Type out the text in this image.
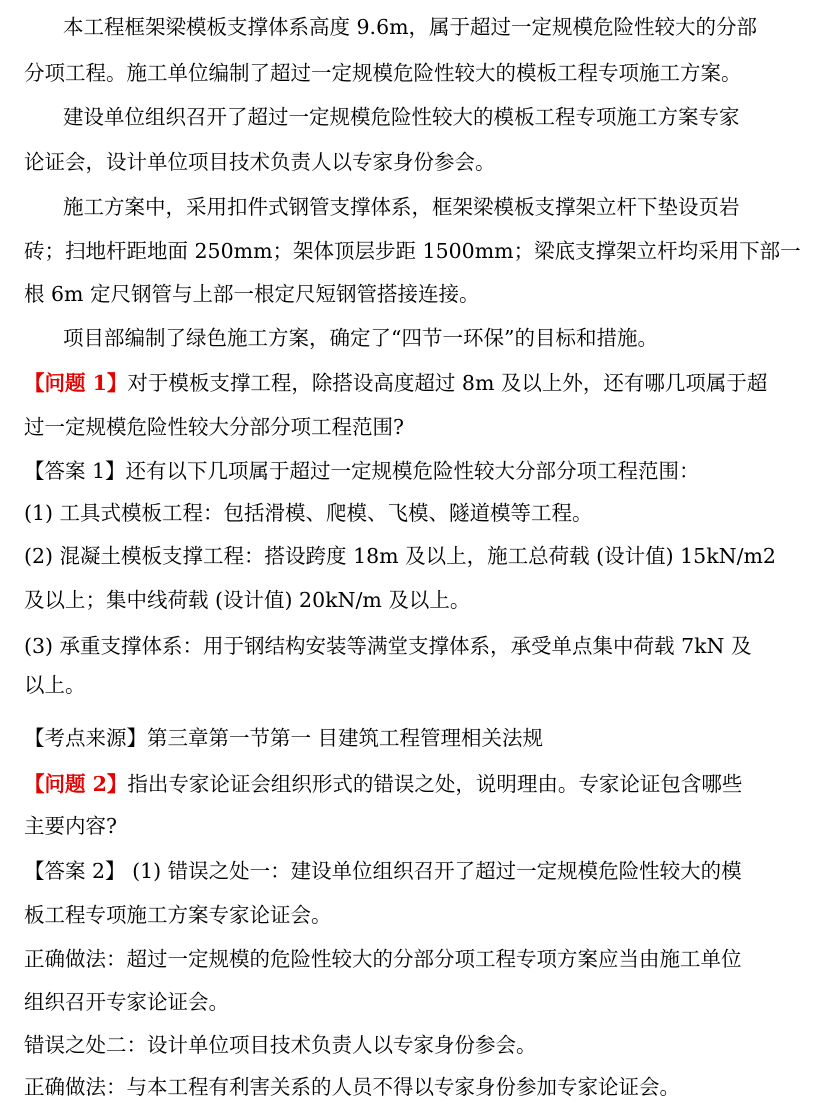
本工程框架梁模板支撑体系高度 9.6m，属于超过一定规模危险性较大的分部
分项工程。施工单位编制了超过一定规模危险性较大的模板工程专项施工方案。
建设单位组织召开了超过一定规模危险性较大的模板工程专项施工方案专家
论证会，设计单位项目技术负责人以专家身份参会。
施工方案中，采用扣件式钢管支撑体系，框架梁模板支撑架立杆下垫设页岩
砖；扫地杆距地面 250mm；架体顶层步距 1500mm；梁底支撑架立杆均采用下部一
根 6m 定尺钢管与上部一根定尺短钢管搭接连接。
项目部编制了绿色施工方案，确定了“四节一环保”的目标和措施。
【问题 1】对于模板支撑工程，除搭设高度超过 8m 及以上外，还有哪几项属于超
过一定规模危险性较大分部分项工程范围?
【答案 1】还有以下几项属于超过一定规模危险性较大分部分项工程范围：
(1) 工具式模板工程：包括滑模、爬模、飞模、隧道模等工程。
(2) 混凝土模板支撑工程：搭设跨度 18m 及以上，施工总荷载 (设计值) 15kN/m2
及以上；集中线荷载 (设计值) 20kN/m 及以上。
(3) 承重支撑体系：用于钢结构安装等满堂支撑体系，承受单点集中荷载 7kN 及
以上。
【考点来源】第三章第一节第一 目建筑工程管理相关法规
【问题 2】指出专家论证会组织形式的错误之处，说明理由。专家论证包含哪些
主要内容?
【答案 2】 (1) 错误之处一：建设单位组织召开了超过一定规模危险性较大的模
板工程专项施工方案专家论证会。
正确做法：超过一定规模的危险性较大的分部分项工程专项方案应当由施工单位
组织召开专家论证会。
错误之处二：设计单位项目技术负责人以专家身份参会。
正确做法：与本工程有利害关系的人员不得以专家身份参加专家论证会。
